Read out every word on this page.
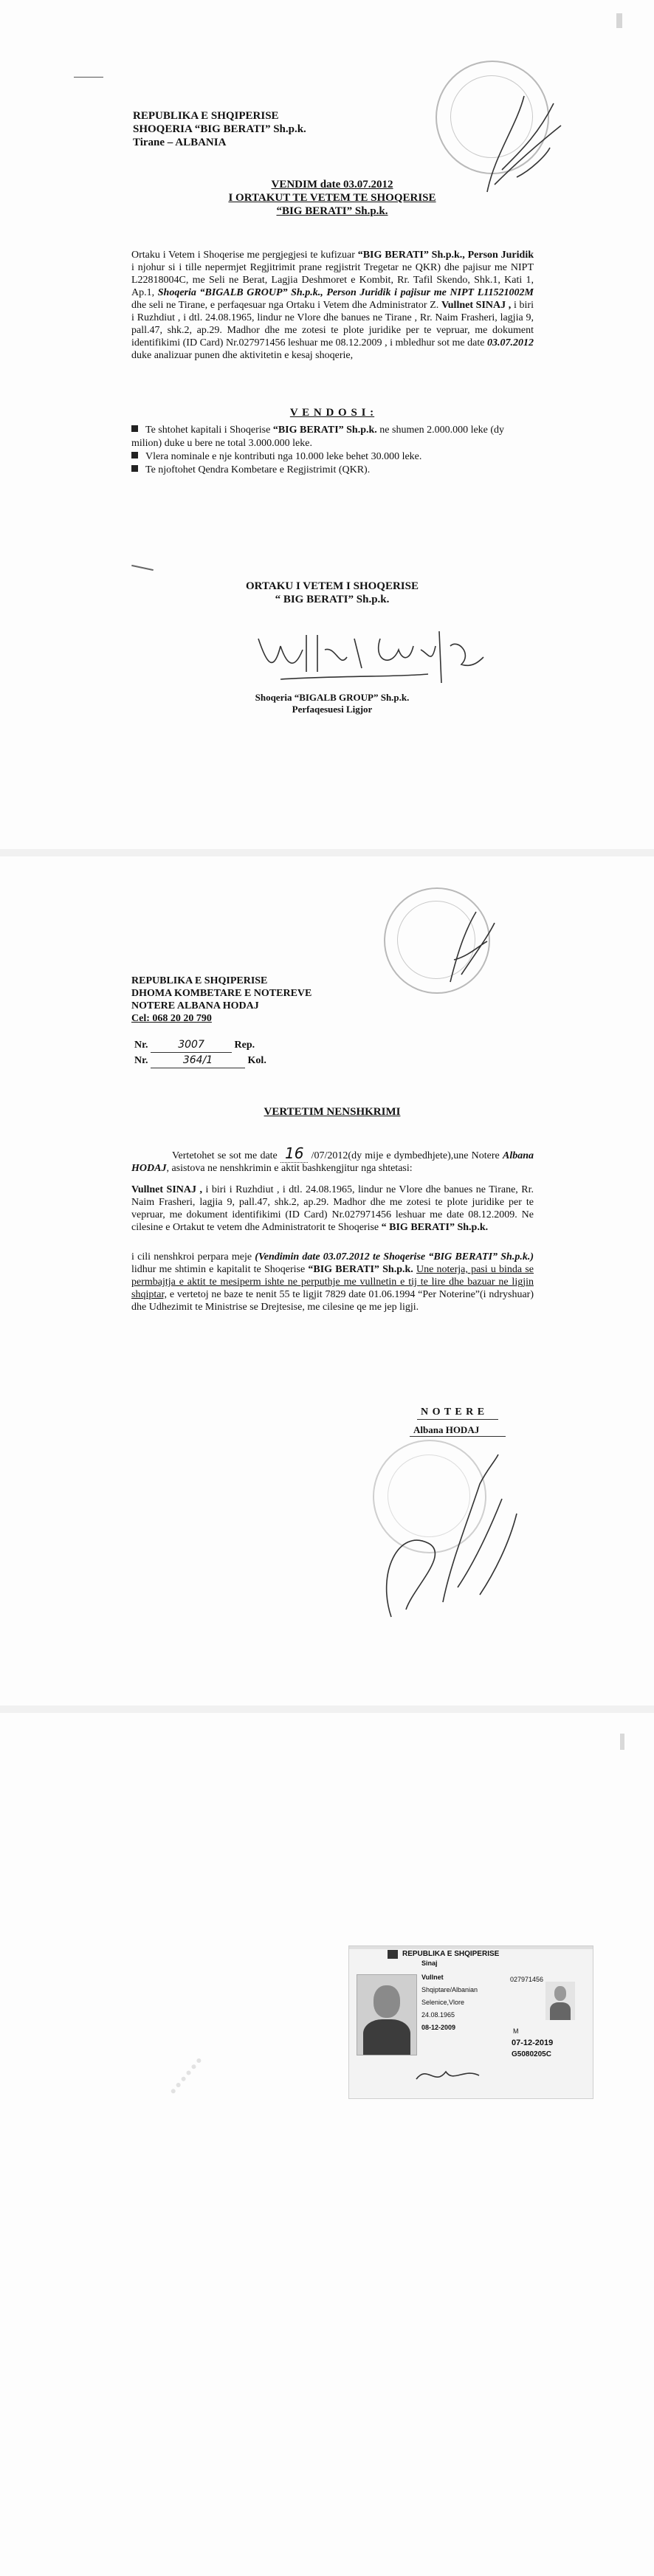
REPUBLIKA E SHQIPERISE
SHOQERIA “BIG BERATI” Sh.p.k.
Tirane – ALBANIA
VENDIM date 03.07.2012
I ORTAKUT TE VETEM TE SHOQERISE
“BIG BERATI” Sh.p.k.
Ortaku i Vetem i Shoqerise me pergjegjesi te kufizuar “BIG BERATI” Sh.p.k., Person Juridik i njohur si i tille nepermjet Regjitrimit prane regjistrit Tregetar ne QKR) dhe pajisur me NIPT L22818004C, me Seli ne Berat, Lagjia Deshmoret e Kombit, Rr. Tafil Skendo, Shk.1, Kati 1, Ap.1, Shoqeria “BIGALB GROUP” Sh.p.k., Person Juridik i pajisur me NIPT L11521002M dhe seli ne Tirane, e perfaqesuar nga Ortaku i Vetem dhe Administrator Z. Vullnet SINAJ , i biri i Ruzhdiut , i dtl. 24.08.1965, lindur ne Vlore dhe banues ne Tirane , Rr. Naim Frasheri, lagjia 9, pall.47, shk.2, ap.29. Madhor dhe me zotesi te plote juridike per te vepruar, me dokument identifikimi (ID Card) Nr.027971456 leshuar me 08.12.2009 , i mbledhur sot me date 03.07.2012 duke analizuar punen dhe aktivitetin e kesaj shoqerie,
V E N D O S I :
Te shtohet kapitali i Shoqerise “BIG BERATI” Sh.p.k. ne shumen 2.000.000 leke (dy milion) duke u bere ne total 3.000.000 leke.
Vlera nominale e nje kontributi nga 10.000 leke behet 30.000 leke.
Te njoftohet Qendra Kombetare e Regjistrimit (QKR).
ORTAKU I VETEM I SHOQERISE
“ BIG BERATI” Sh.p.k.
Shoqeria “BIGALB GROUP” Sh.p.k.
Perfaqesuesi Ligjor
REPUBLIKA E SHQIPERISE
DHOMA KOMBETARE E NOTEREVE
NOTERE ALBANA HODAJ
Cel: 068 20 20 790
Nr.	3007	Rep.
Nr.	364/1	Kol.
VERTETIM NENSHKRIMI
Vertetohet se sot me date 16 /07/2012(dy mije e dymbedhjete),une Notere Albana HODAJ, asistova ne nenshkrimin e aktit bashkengjitur nga shtetasi:
Vullnet SINAJ , i biri i Ruzhdiut , i dtl. 24.08.1965, lindur ne Vlore dhe banues ne Tirane, Rr. Naim Frasheri, lagjia 9, pall.47, shk.2, ap.29. Madhor dhe me zotesi te plote juridike per te vepruar, me dokument identifikimi (ID Card) Nr.027971456 leshuar me date 08.12.2009. Ne cilesine e Ortakut te vetem dhe Administratorit te Shoqerise “ BIG BERATI” Sh.p.k.
i cili nenshkroi perpara meje (Vendimin date 03.07.2012 te Shoqerise “BIG BERATI” Sh.p.k.) lidhur me shtimin e kapitalit te Shoqerise “BIG BERATI” Sh.p.k. Une noterja, pasi u binda se permbajtja e aktit te mesiperm ishte ne perputhje me vullnetin e tij te lire dhe bazuar ne ligjin shqiptar, e vertetoj ne baze te nenit 55 te ligjit 7829 date 01.06.1994 “Per Noterine”(i ndryshuar) dhe Udhezimit te Ministrise se Drejtesise, me cilesine qe me jep ligji.
N O T E R E
Albana HODAJ
REPUBLIKA E SHQIPERISE
Sinaj
Vullnet
Shqiptare/Albanian
Selenice,Vlore
24.08.1965
08-12-2009
027971456
M
07-12-2019
G5080205C
